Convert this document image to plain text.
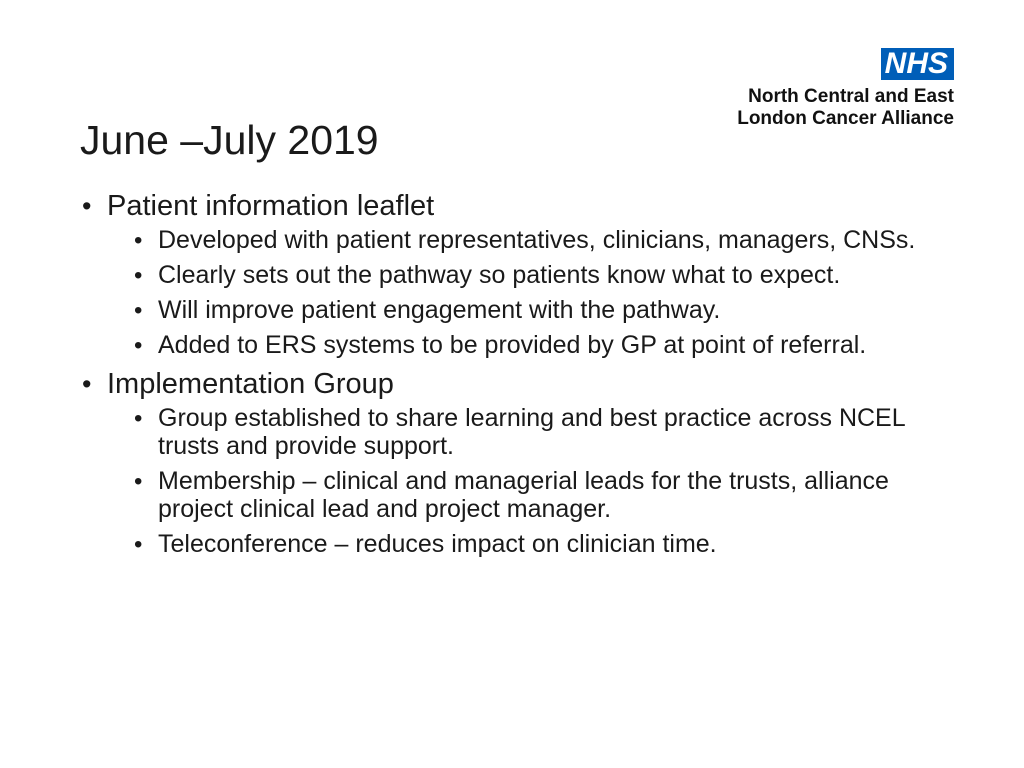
NHS
North Central and East
London Cancer Alliance
June –July 2019
• Patient information leaflet
• Developed with patient representatives, clinicians, managers, CNSs.
• Clearly sets out the pathway so patients know what to expect.
• Will improve patient engagement with the pathway.
• Added to ERS systems to be provided by GP at point of referral.
• Implementation Group
• Group established to share learning and best practice across NCEL trusts and provide support.
• Membership – clinical and managerial leads for the trusts, alliance project clinical lead and project manager.
• Teleconference – reduces impact on clinician time.
